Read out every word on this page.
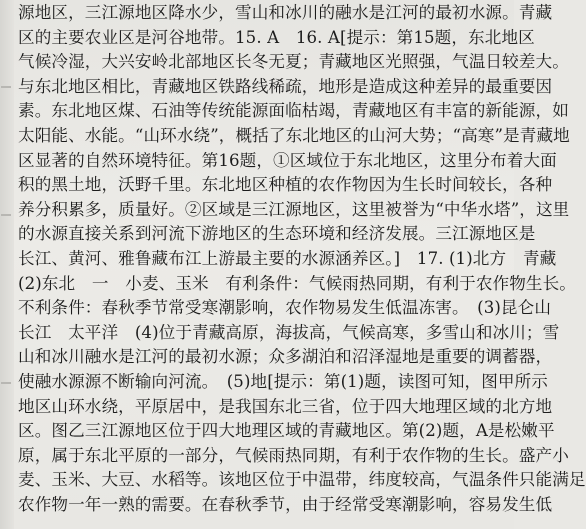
源地区，三江源地区降水少，雪山和冰川的融水是江河的最初水源。青藏
区的主要农业区是河谷地带。15. A　16. A[提示：第15题，东北地区
气候冷湿，大兴安岭北部地区长冬无夏；青藏地区光照强，气温日较差大。
与东北地区相比，青藏地区铁路线稀疏，地形是造成这种差异的最重要因
素。东北地区煤、石油等传统能源面临枯竭，青藏地区有丰富的新能源，如
太阳能、水能。“山环水绕”，概括了东北地区的山河大势；“高寒”是青藏地
区显著的自然环境特征。第16题，①区域位于东北地区，这里分布着大面
积的黑土地，沃野千里。东北地区种植的农作物因为生长时间较长，各种
养分积累多，质量好。②区域是三江源地区，这里被誉为“中华水塔”，这里
的水源直接关系到河流下游地区的生态环境和经济发展。三江源地区是
长江、黄河、雅鲁藏布江上游最主要的水源涵养区。]　17. (1)北方　青藏
(2)东北　一　小麦、玉米　有利条件：气候雨热同期，有利于农作物生长。
不利条件：春秋季节常受寒潮影响，农作物易发生低温冻害。　(3)昆仑山
长江　太平洋　(4)位于青藏高原，海拔高，气候高寒，多雪山和冰川；雪
山和冰川融水是江河的最初水源；众多湖泊和沼泽湿地是重要的调蓄器，
使融水源源不断输向河流。　(5)地[提示：第(1)题，读图可知，图甲所示
地区山环水绕，平原居中，是我国东北三省，位于四大地理区域的北方地
区。图乙三江源地区位于四大地理区域的青藏地区。第(2)题，A是松嫩平
原，属于东北平原的一部分，气候雨热同期，有利于农作物的生长。盛产小
麦、玉米、大豆、水稻等。该地区位于中温带，纬度较高，气温条件只能满足
农作物一年一熟的需要。在春秋季节，由于经常受寒潮影响，容易发生低
